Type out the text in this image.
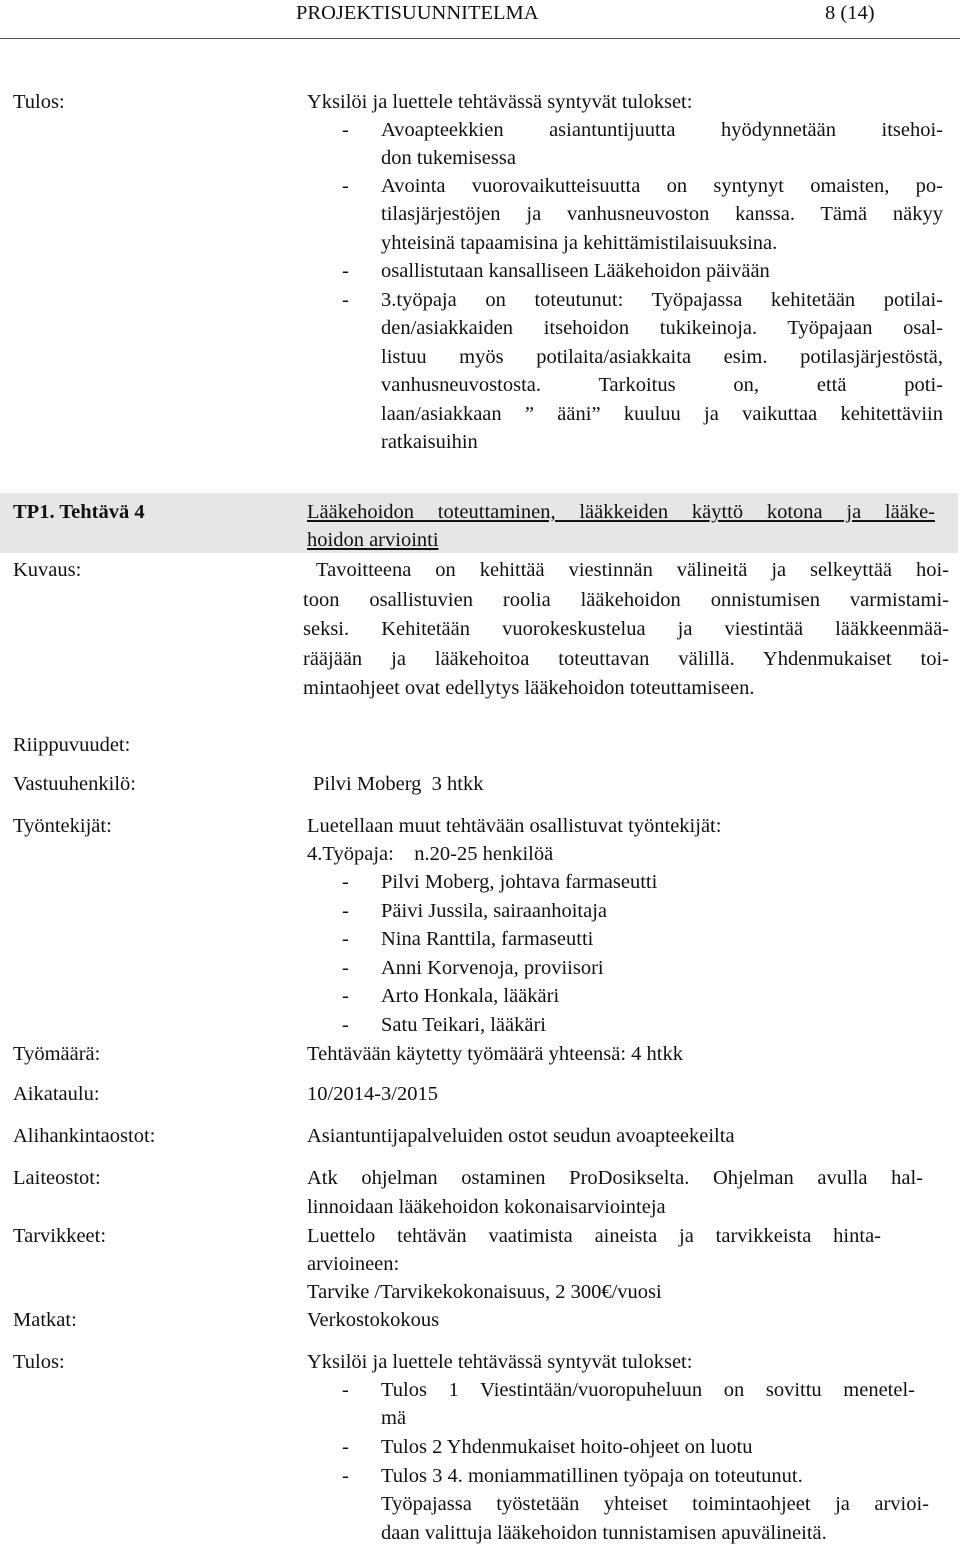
PROJEKTISUUNNITELMA	8 (14)
Tulos:	Yksilöi ja luettele tehtävässä syntyvät tulokset:
- Avoapteekkien asiantuntijuutta hyödynnetään itsehoi-
don tukemisessa
- Avointa vuorovaikutteisuutta on syntynyt omaisten, po-
tilasjärjestöjen ja vanhusneuvoston kanssa. Tämä näkyy
yhteisinä tapaamisina ja kehittämistilaisuuksina.
- osallistutaan kansalliseen Lääkehoidon päivään
- 3.työpaja on toteutunut: Työpajassa kehitetään potilai-
den/asiakkaiden itsehoidon tukikeinoja. Työpajaan osal-
listuu myös potilaita/asiakkaita esim. potilasjärjestöstä,
vanhusneuvostosta. Tarkoitus on, että poti-
laan/asiakkaan ” ääni” kuuluu ja vaikuttaa kehitettäviin
ratkaisuihin
TP1. Tehtävä 4	Lääkehoidon toteuttaminen, lääkkeiden käyttö kotona ja lääke-
hoidon arviointi
Kuvaus:	Tavoitteena on kehittää viestinnän välineitä ja selkeyttää hoi-
toon osallistuvien roolia lääkehoidon onnistumisen varmistami-
seksi. Kehitetään vuorokeskustelua ja viestintää lääkkeenmää-
rääjään ja lääkehoitoa toteuttavan välillä. Yhdenmukaiset toi-
mintaohjeet ovat edellytys lääkehoidon toteuttamiseen.
Riippuvuudet:
Vastuuhenkilö:	Pilvi Moberg  3 htkk
Työntekijät:	Luetellaan muut tehtävään osallistuvat työntekijät:
4.Työpaja:    n.20-25 henkilöä
- Pilvi Moberg, johtava farmaseutti
- Päivi Jussila, sairaanhoitaja
- Nina Ranttila, farmaseutti
- Anni Korvenoja, proviisori
- Arto Honkala, lääkäri
- Satu Teikari, lääkäri
Työmäärä:	Tehtävään käytetty työmäärä yhteensä: 4 htkk
Aikataulu:	10/2014-3/2015
Alihankintaostot:	Asiantuntijapalveluiden ostot seudun avoapteekeilta
Laiteostot:	Atk ohjelman ostaminen ProDosikselta. Ohjelman avulla hal-
linnoidaan lääkehoidon kokonaisarviointeja
Tarvikkeet:	Luettelo tehtävän vaatimista aineista ja tarvikkeista hinta-
arvioineen:
Tarvike /Tarvikekokonaisuus, 2 300€/vuosi
Matkat:	Verkostokokous
Tulos:	Yksilöi ja luettele tehtävässä syntyvät tulokset:
- Tulos 1 Viestintään/vuoropuheluun on sovittu menetel-
mä
- Tulos 2 Yhdenmukaiset hoito-ohjeet on luotu
- Tulos 3 4. moniammatillinen työpaja on toteutunut.
Työpajassa työstetään yhteiset toimintaohjeet ja arvioi-
daan valittuja lääkehoidon tunnistamisen apuvälineitä.
